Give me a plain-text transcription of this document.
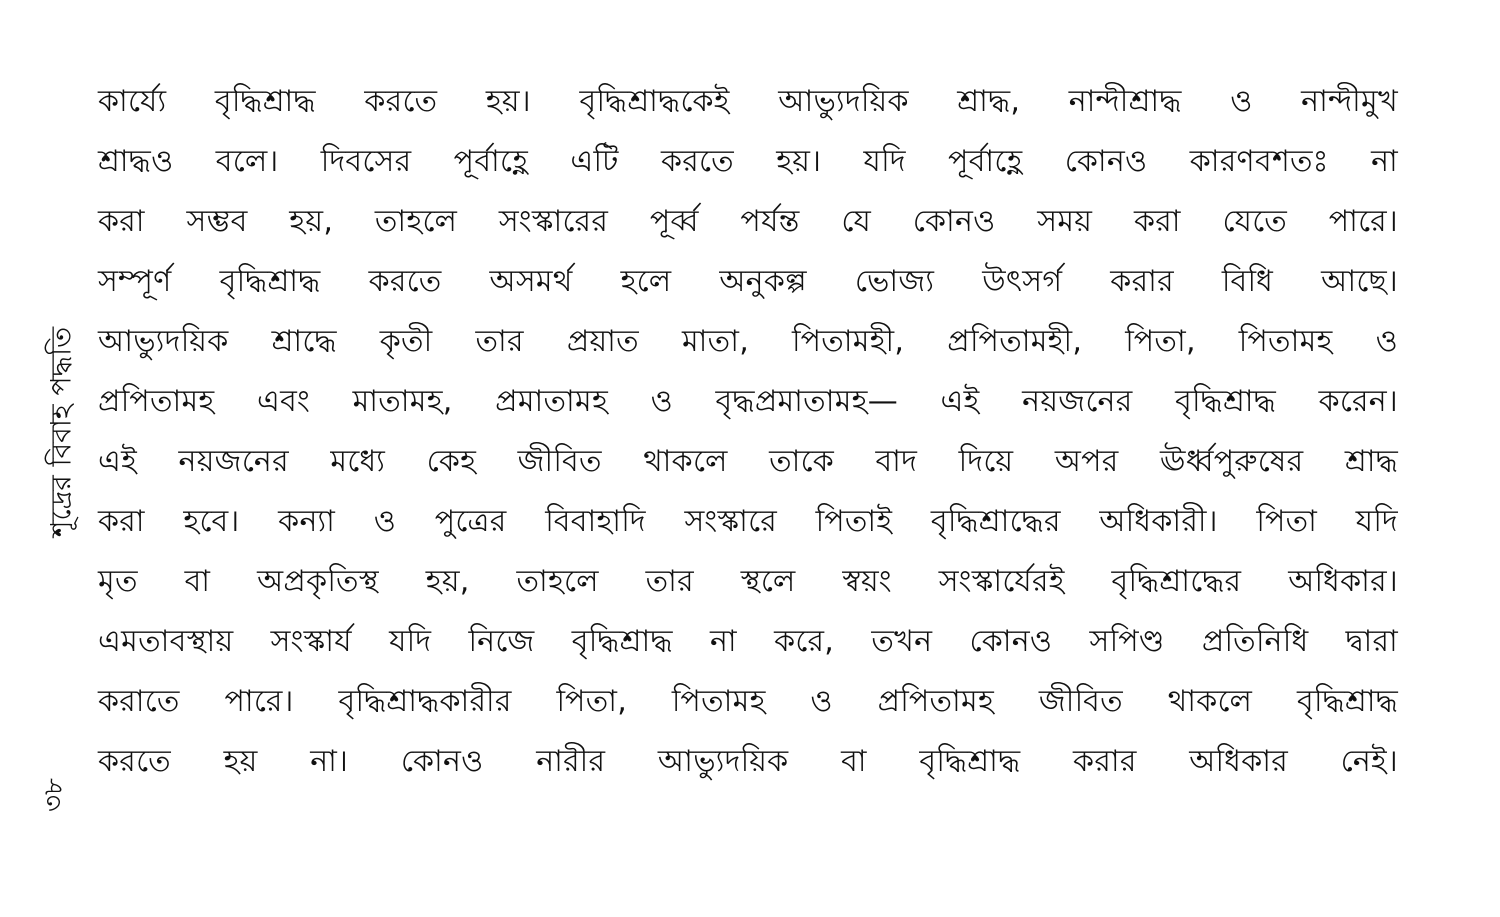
শূদ্রের বিবাহ পদ্ধতি
কার্য্যে বৃদ্ধিশ্রাদ্ধ করতে হয়। বৃদ্ধিশ্রাদ্ধকেই আভ্যুদয়িক শ্রাদ্ধ, নান্দীশ্রাদ্ধ ও নান্দীমুখ
শ্রাদ্ধও বলে। দিবসের পূর্বাহ্ণে এটি করতে হয়। যদি পূর্বাহ্ণে কোনও কারণবশতঃ না
করা সম্ভব হয়, তাহলে সংস্কারের পূর্ব্ব পর্যন্ত যে কোনও সময় করা যেতে পারে।
সম্পূর্ণ বৃদ্ধিশ্রাদ্ধ করতে অসমর্থ হলে অনুকল্প ভোজ্য উৎসর্গ করার বিধি আছে।
আভ্যুদয়িক শ্রাদ্ধে কৃতী তার প্রয়াত মাতা, পিতামহী, প্রপিতামহী, পিতা, পিতামহ ও
প্রপিতামহ এবং মাতামহ, প্রমাতামহ ও বৃদ্ধপ্রমাতামহ— এই নয়জনের বৃদ্ধিশ্রাদ্ধ করেন।
এই নয়জনের মধ্যে কেহ জীবিত থাকলে তাকে বাদ দিয়ে অপর ঊর্ধ্বপুরুষের শ্রাদ্ধ
করা হবে। কন্যা ও পুত্রের বিবাহাদি সংস্কারে পিতাই বৃদ্ধিশ্রাদ্ধের অধিকারী। পিতা যদি
মৃত বা অপ্রকৃতিস্থ হয়, তাহলে তার স্থলে স্বয়ং সংস্কার্যেরই বৃদ্ধিশ্রাদ্ধের অধিকার।
এমতাবস্থায় সংস্কার্য যদি নিজে বৃদ্ধিশ্রাদ্ধ না করে, তখন কোনও সপিণ্ড প্রতিনিধি দ্বারা
করাতে পারে। বৃদ্ধিশ্রাদ্ধকারীর পিতা, পিতামহ ও প্রপিতামহ জীবিত থাকলে বৃদ্ধিশ্রাদ্ধ
করতে হয় না। কোনও নারীর আভ্যুদয়িক বা বৃদ্ধিশ্রাদ্ধ করার অধিকার নেই।
৩৮
